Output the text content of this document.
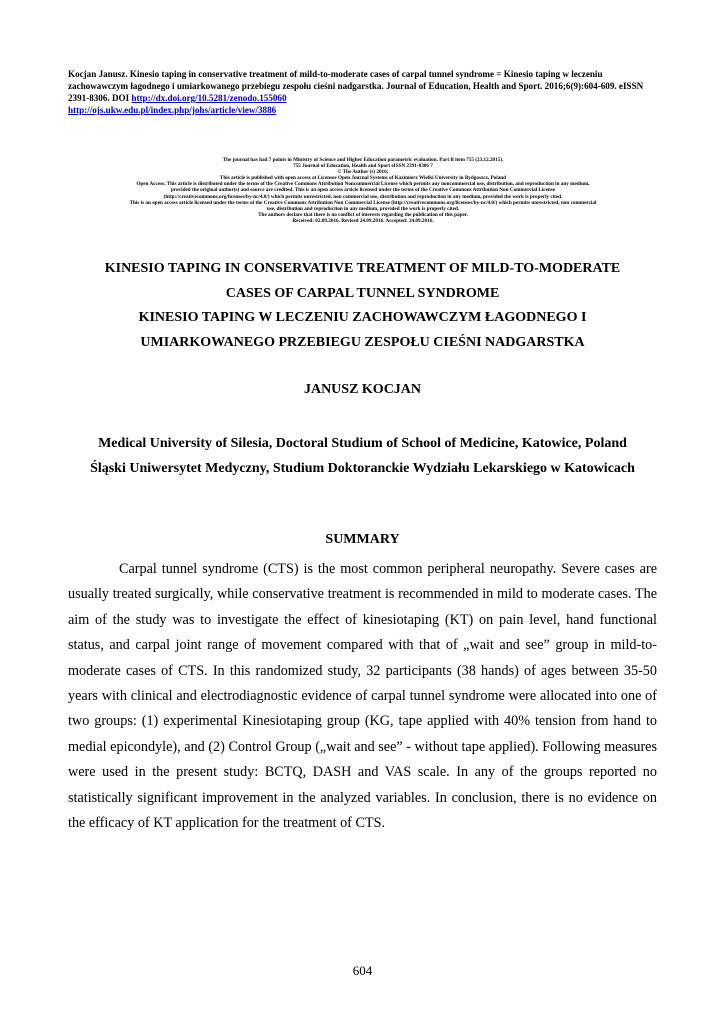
Kocjan Janusz. Kinesio taping in conservative treatment of mild-to-moderate cases of carpal tunnel syndrome = Kinesio taping w leczeniu zachowawczym łagodnego i umiarkowanego przebiegu zespołu cieśni nadgarstka. Journal of Education, Health and Sport. 2016;6(9):604-609. eISSN 2391-8306. DOI http://dx.doi.org/10.5281/zenodo.155060
http://ojs.ukw.edu.pl/index.php/johs/article/view/3886
The journal has had 7 points in Ministry of Science and Higher Education parametric evaluation. Part B item 755 (23.12.2015).
755 Journal of Education, Health and Sport eISSN 2391-8306 7
© The Author (s) 2016;
This article is published with open access at Licensee Open Journal Systems of Kazimierz Wielki University in Bydgoszcz, Poland
Open Access. This article is distributed under the terms of the Creative Commons Attribution Noncommercial License which permits any noncommercial use, distribution, and reproduction in any medium,
provided the original author(s) and source are credited. This is an open access article licensed under the terms of the Creative Commons Attribution Non Commercial License
(http://creativecommons.org/licenses/by-nc/4.0/) which permits unrestricted, non commercial use, distribution and reproduction in any medium, provided the work is properly cited.
This is an open access article licensed under the terms of the Creative Commons Attribution Non Commercial License (http://creativecommons.org/licenses/by-nc/4.0/) which permits unrestricted, non commercial
use, distribution and reproduction in any medium, provided the work is properly cited.
The authors declare that there is no conflict of interests regarding the publication of this paper.
Received: 02.09.2016. Revised 24.09.2016. Accepted: 24.09.2016.
KINESIO TAPING IN CONSERVATIVE TREATMENT OF MILD-TO-MODERATE
CASES OF CARPAL TUNNEL SYNDROME
KINESIO TAPING W LECZENIU ZACHOWAWCZYM ŁAGODNEGO I
UMIARKOWANEGO PRZEBIEGU ZESPOŁU CIEŚNI NADGARSTKA
JANUSZ KOCJAN
Medical University of Silesia, Doctoral Studium of School of Medicine, Katowice, Poland
Śląski Uniwersytet Medyczny, Studium Doktoranckie Wydziału Lekarskiego w Katowicach
SUMMARY
Carpal tunnel syndrome (CTS) is the most common peripheral neuropathy. Severe cases are usually treated surgically, while conservative treatment is recommended in mild to moderate cases. The aim of the study was to investigate the effect of kinesiotaping (KT) on pain level, hand functional status, and carpal joint range of movement compared with that of „wait and see” group in mild-to-moderate cases of CTS. In this randomized study, 32 participants (38 hands) of ages between 35-50 years with clinical and electrodiagnostic evidence of carpal tunnel syndrome were allocated into one of two groups: (1) experimental Kinesiotaping group (KG, tape applied with 40% tension from hand to medial epicondyle), and (2) Control Group („wait and see” - without tape applied). Following measures were used in the present study: BCTQ, DASH and VAS scale. In any of the groups reported no statistically significant improvement in the analyzed variables. In conclusion, there is no evidence on the efficacy of KT application for the treatment of CTS.
604
